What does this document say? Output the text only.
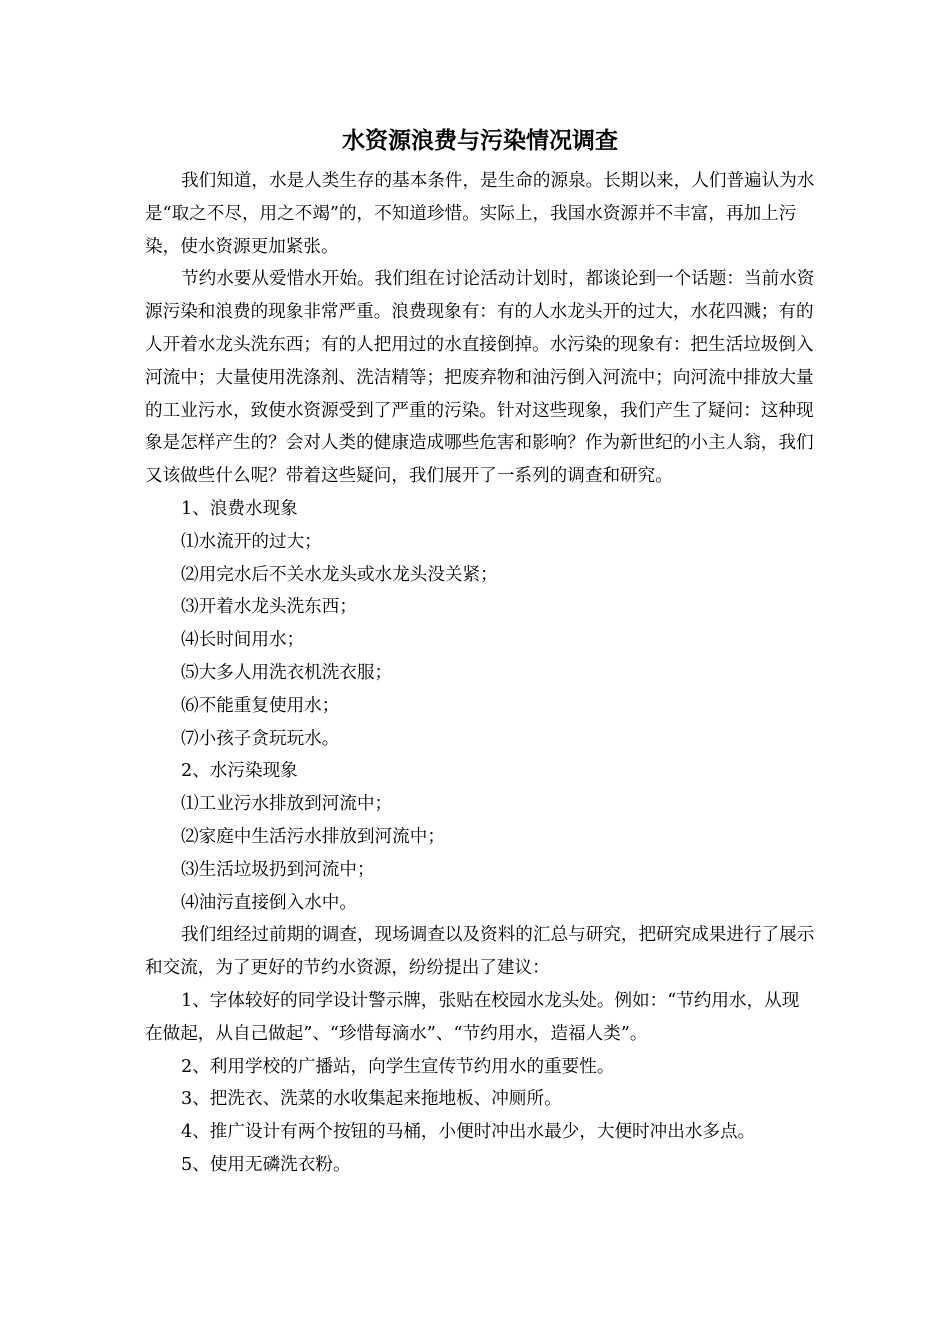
水资源浪费与污染情况调查

我们知道，水是人类生存的基本条件，是生命的源泉。长期以来，人们普遍认为水是“取之不尽，用之不竭”的，不知道珍惜。实际上，我国水资源并不丰富，再加上污染，使水资源更加紧张。

节约水要从爱惜水开始。我们组在讨论活动计划时，都谈论到一个话题：当前水资源污染和浪费的现象非常严重。浪费现象有：有的人水龙头开的过大，水花四溅；有的人开着水龙头洗东西；有的人把用过的水直接倒掉。水污染的现象有：把生活垃圾倒入河流中；大量使用洗涤剂、洗洁精等；把废弃物和油污倒入河流中；向河流中排放大量的工业污水，致使水资源受到了严重的污染。针对这些现象，我们产生了疑问：这种现象是怎样产生的？会对人类的健康造成哪些危害和影响？作为新世纪的小主人翁，我们又该做些什么呢？带着这些疑问，我们展开了一系列的调查和研究。

1、浪费水现象

⑴水流开的过大；

⑵用完水后不关水龙头或水龙头没关紧；

⑶开着水龙头洗东西；

⑷长时间用水；

⑸大多人用洗衣机洗衣服；

⑹不能重复使用水；

⑺小孩子贪玩玩水。

2、水污染现象

⑴工业污水排放到河流中；

⑵家庭中生活污水排放到河流中；

⑶生活垃圾扔到河流中；

⑷油污直接倒入水中。

我们组经过前期的调查，现场调查以及资料的汇总与研究，把研究成果进行了展示和交流，为了更好的节约水资源，纷纷提出了建议：

1、字体较好的同学设计警示牌，张贴在校园水龙头处。例如：“节约用水，从现在做起，从自己做起”、“珍惜每滴水”、“节约用水，造福人类”。

2、利用学校的广播站，向学生宣传节约用水的重要性。

3、把洗衣、洗菜的水收集起来拖地板、冲厕所。

4、推广设计有两个按钮的马桶，小便时冲出水最少，大便时冲出水多点。

5、使用无磷洗衣粉。
